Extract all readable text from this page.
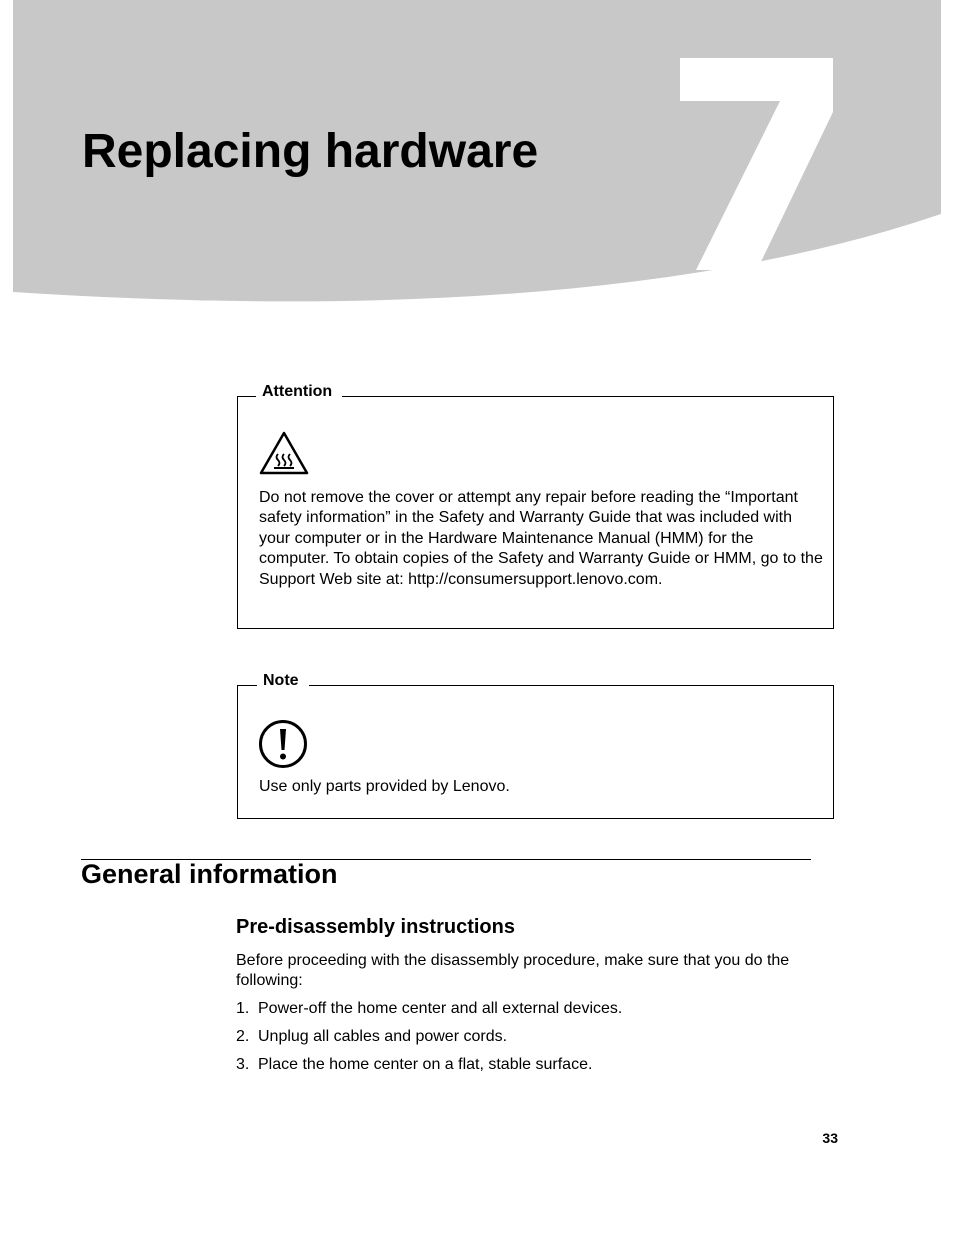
Replacing hardware
Attention

Do not remove the cover or attempt any repair before reading the “Important safety information” in the Safety and Warranty Guide that was included with your computer or in the Hardware Maintenance Manual (HMM) for the computer. To obtain copies of the Safety and Warranty Guide or HMM, go to the Support Web site at: http://consumersupport.lenovo.com.

Note

Use only parts provided by Lenovo.

General information
Pre-disassembly instructions

Before proceeding with the disassembly procedure, make sure that you do the following:

1. Power-off the home center and all external devices.
2. Unplug all cables and power cords.
3. Place the home center on a flat, stable surface.
33
